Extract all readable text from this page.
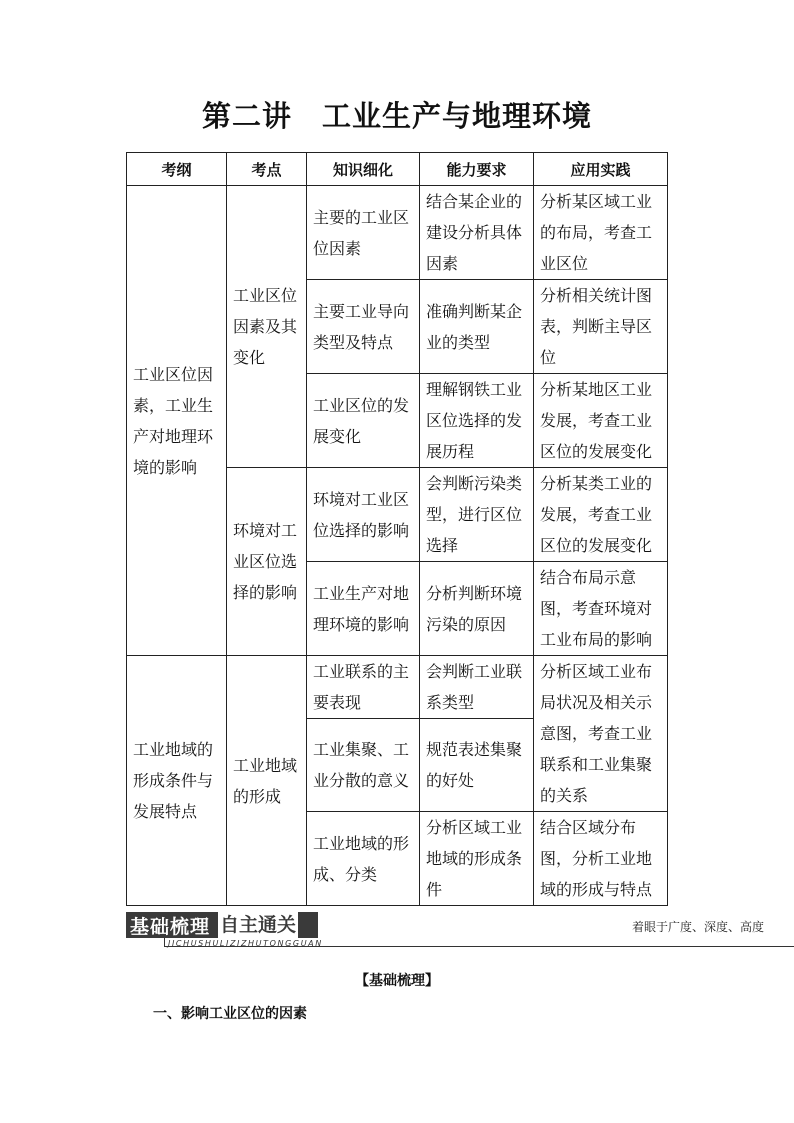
第二讲　工业生产与地理环境
考纲	考点	知识细化	能力要求	应用实践
工业区位因素，工业生产对地理环境的影响	工业区位因素及其变化	主要的工业区位因素	结合某企业的建设分析具体因素	分析某区域工业的布局，考查工业区位
		主要工业导向类型及特点	准确判断某企业的类型	分析相关统计图表，判断主导区位
		工业区位的发展变化	理解钢铁工业区位选择的发展历程	分析某地区工业发展，考查工业区位的发展变化
	环境对工业区位选择的影响	环境对工业区位选择的影响	会判断污染类型，进行区位选择	分析某类工业的发展，考查工业区位的发展变化
		工业生产对地理环境的影响	分析判断环境污染的原因	结合布局示意图，考查环境对工业布局的影响
工业地域的形成条件与发展特点	工业地域的形成	工业联系的主要表现	会判断工业联系类型	分析区域工业布局状况及相关示意图，考查工业联系和工业集聚的关系
		工业集聚、工业分散的意义	规范表述集聚的好处	
		工业地域的形成、分类	分析区域工业地域的形成条件	结合区域分布图，分析工业地域的形成与特点
基础梳理 自主通关
JICHUSHULIZIZHUTONGGUAN
着眼于广度、深度、高度
【基础梳理】
一、影响工业区位的因素
